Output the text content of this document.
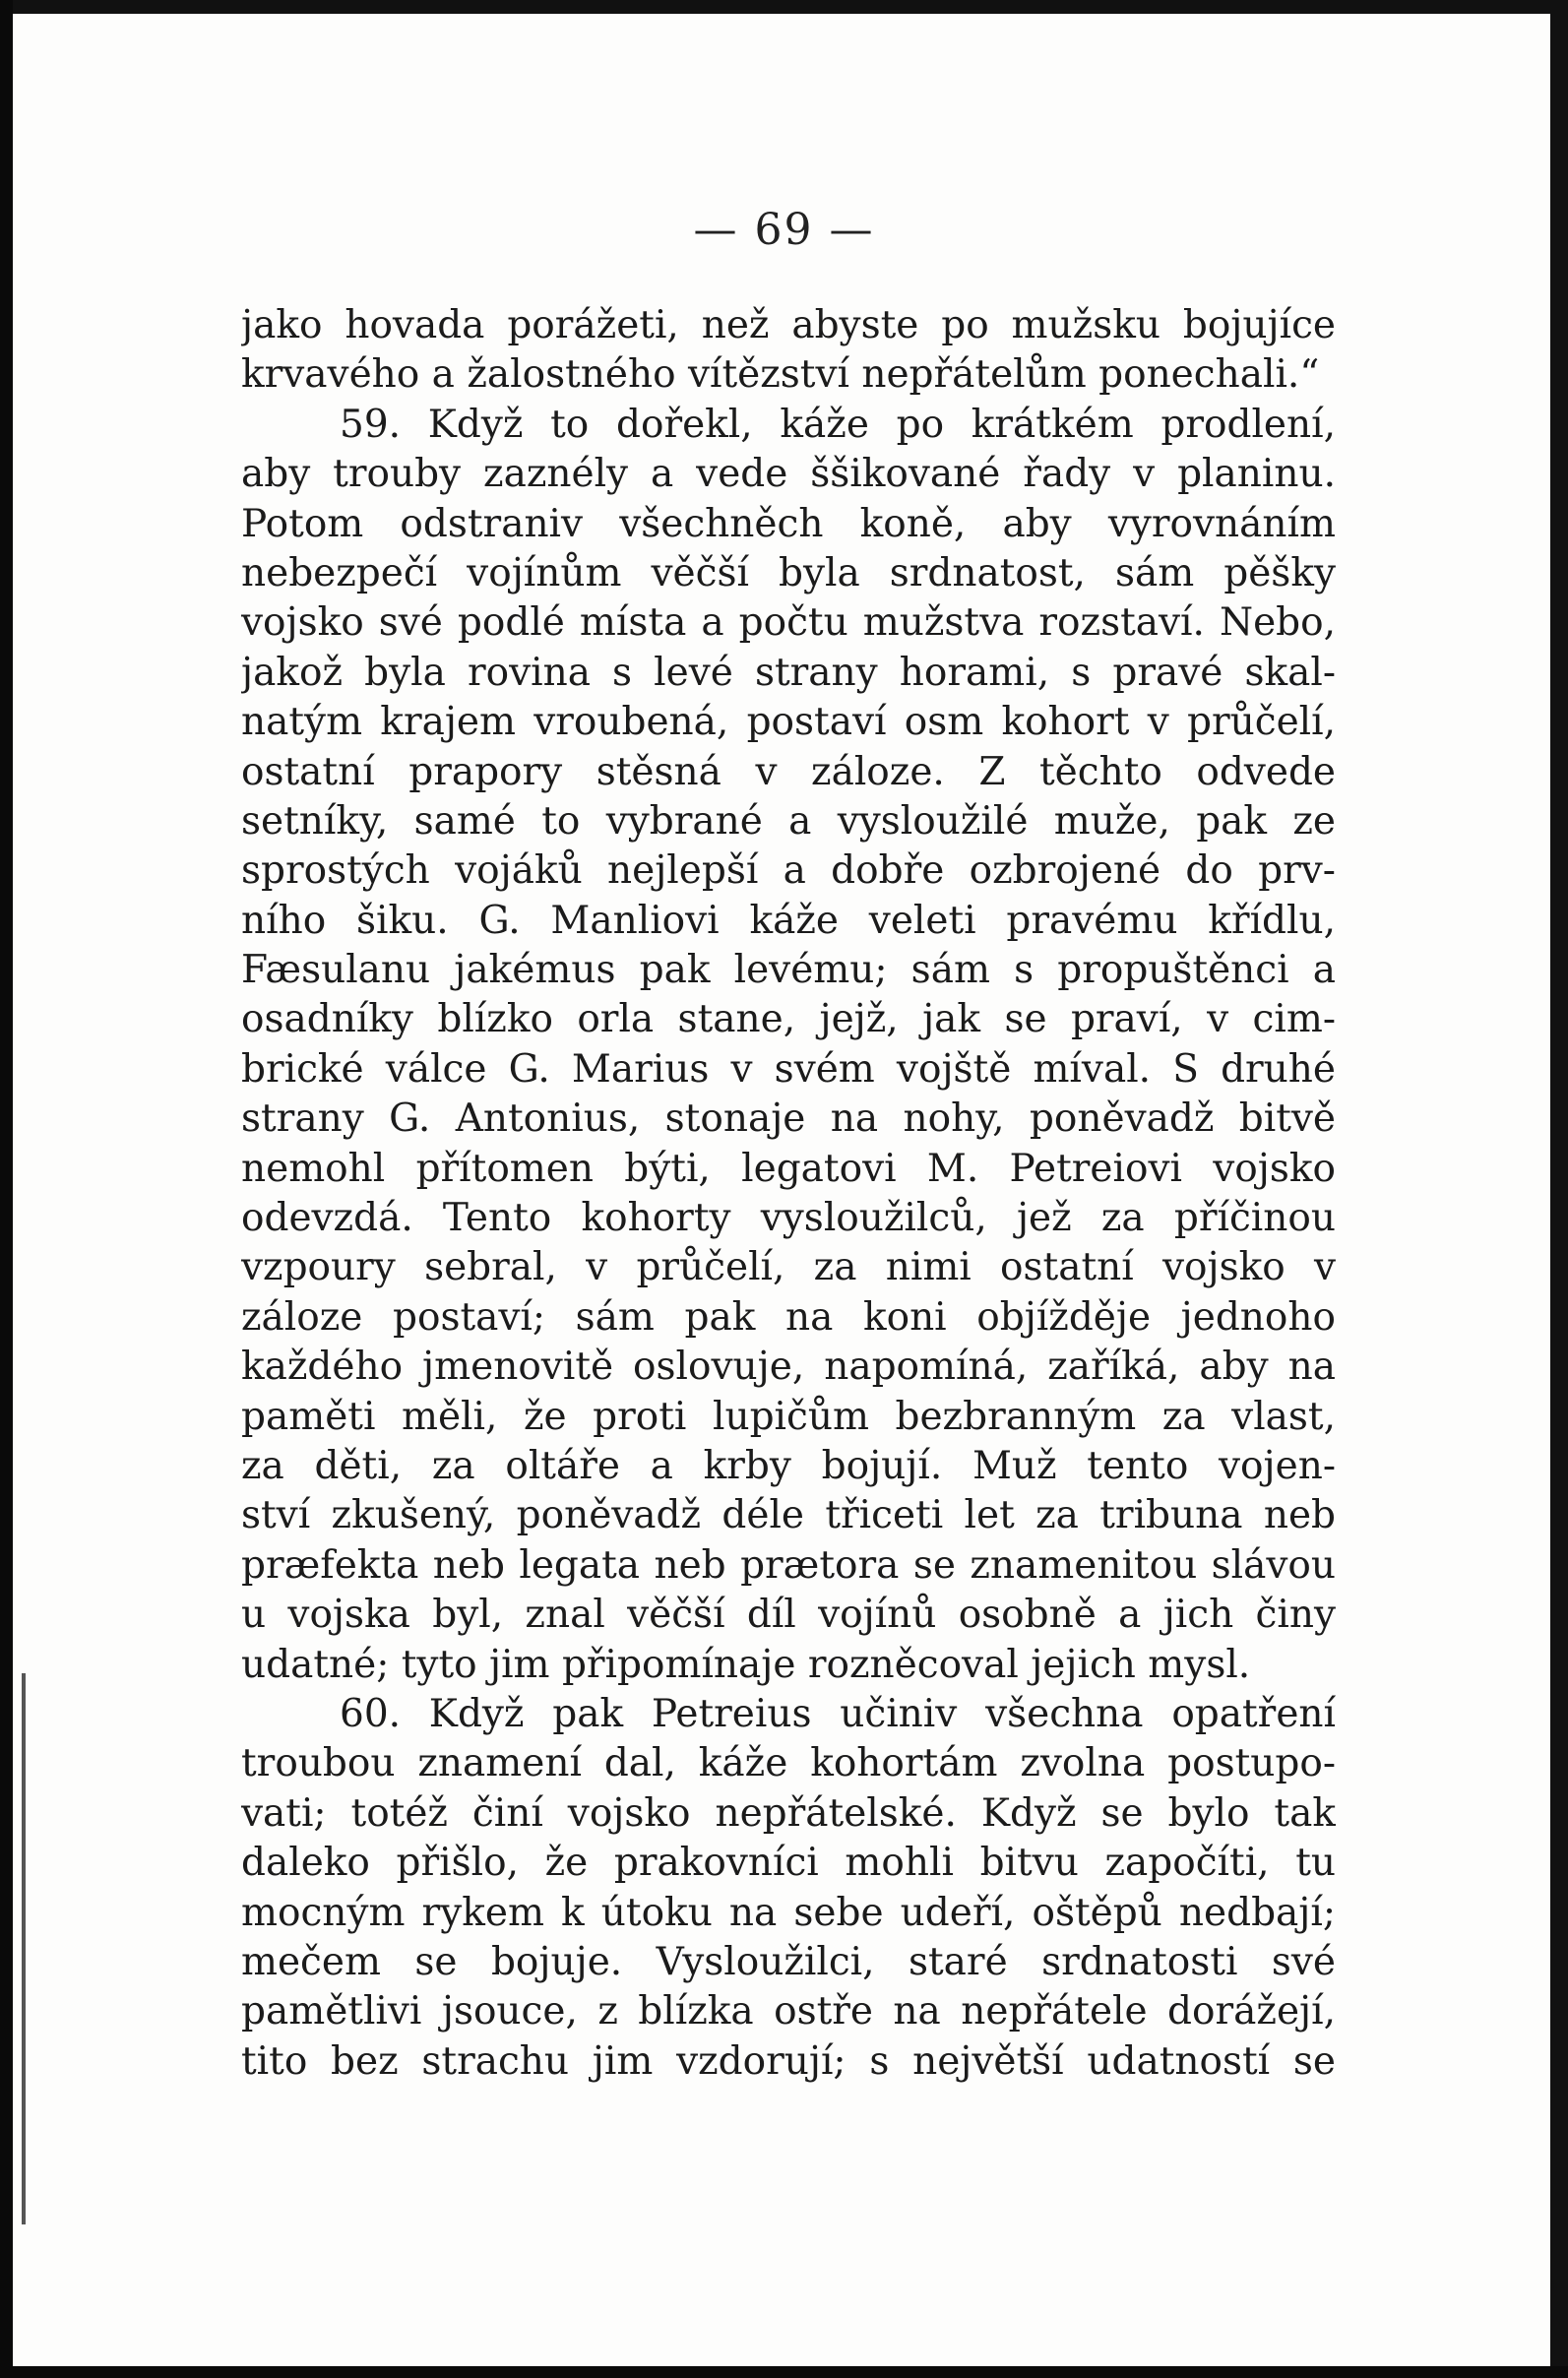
— 69 —
jako hovada porážeti, než abyste po mužsku bojujíce
krvavého a žalostného vítězství nepřátelům ponechali.“
59. Když to dořekl, káže po krátkém prodlení,
aby trouby zaznély a vede ššikované řady v planinu.
Potom odstraniv všechněch koně, aby vyrovnáním
nebezpečí vojínům věčší byla srdnatost, sám pěšky
vojsko své podlé místa a počtu mužstva rozstaví. Nebo,
jakož byla rovina s levé strany horami, s pravé skal-
natým krajem vroubená, postaví osm kohort v průčelí,
ostatní prapory stěsná v záloze. Z těchto odvede
setníky, samé to vybrané a vysloužilé muže, pak ze
sprostých vojáků nejlepší a dobře ozbrojené do prv-
ního šiku. G. Manliovi káže veleti pravému křídlu,
Fæsulanu jakémus pak levému; sám s propuštěnci a
osadníky blízko orla stane, jejž, jak se praví, v cim-
brické válce G. Marius v svém vojště míval. S druhé
strany G. Antonius, stonaje na nohy, poněvadž bitvě
nemohl přítomen býti, legatovi M. Petreiovi vojsko
odevzdá. Tento kohorty vysloužilců, jež za příčinou
vzpoury sebral, v průčelí, za nimi ostatní vojsko v
záloze postaví; sám pak na koni objížděje jednoho
každého jmenovitě oslovuje, napomíná, zaříká, aby na
paměti měli, že proti lupičům bezbranným za vlast,
za děti, za oltáře a krby bojují. Muž tento vojen-
ství zkušený, poněvadž déle třiceti let za tribuna neb
præfekta neb legata neb prætora se znamenitou slávou
u vojska byl, znal věčší díl vojínů osobně a jich činy
udatné; tyto jim připomínaje rozněcoval jejich mysl.
60. Když pak Petreius učiniv všechna opatření
troubou znamení dal, káže kohortám zvolna postupo-
vati; totéž činí vojsko nepřátelské. Když se bylo tak
daleko přišlo, že prakovníci mohli bitvu započíti, tu
mocným rykem k útoku na sebe udeří, oštěpů nedbají;
mečem se bojuje. Vysloužilci, staré srdnatosti své
pamětlivi jsouce, z blízka ostře na nepřátele dorážejí,
tito bez strachu jim vzdorují; s největší udatností se
